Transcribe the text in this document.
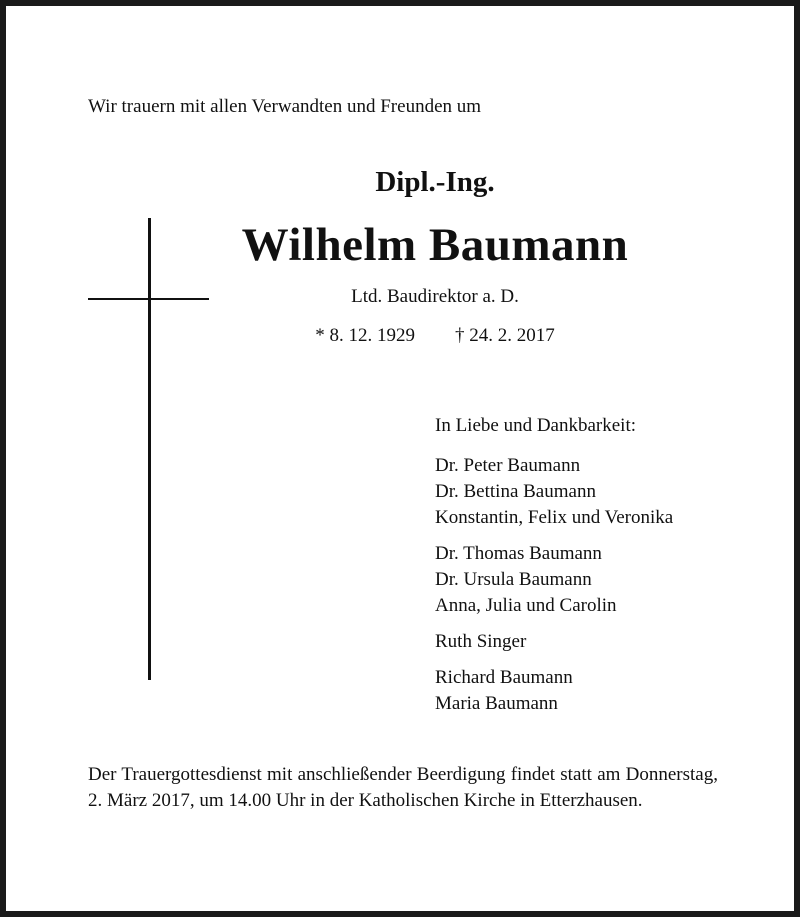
Wir trauern mit allen Verwandten und Freunden um
Dipl.-Ing.
Wilhelm Baumann
Ltd. Baudirektor a. D.
* 8. 12. 1929 † 24. 2. 2017
In Liebe und Dankbarkeit:
Dr. Peter Baumann
Dr. Bettina Baumann
Konstantin, Felix und Veronika
Dr. Thomas Baumann
Dr. Ursula Baumann
Anna, Julia und Carolin
Ruth Singer
Richard Baumann
Maria Baumann
Der Trauergottesdienst mit anschließender Beerdigung findet statt am Donnerstag, 2. März 2017, um 14.00 Uhr in der Katholischen Kirche in Etterzhausen.
